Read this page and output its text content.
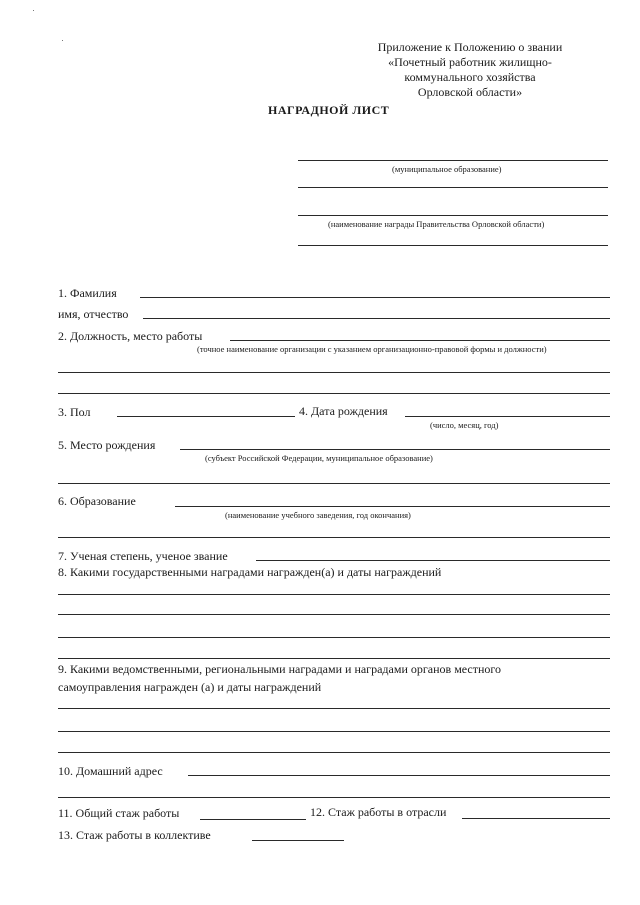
Приложение к Положению о звании
«Почетный работник жилищно-
коммунального хозяйства
Орловской области»
НАГРАДНОЙ ЛИСТ
(муниципальное образование)
(наименование награды Правительства Орловской области)
1. Фамилия
имя, отчество
2. Должность, место работы
(точное наименование организации с указанием организационно-правовой формы и должности)
3. Пол	4. Дата рождения
(число, месяц, год)
5. Место рождения
(субъект Российской Федерации, муниципальное образование)
6. Образование
(наименование учебного заведения, год окончания)
7. Ученая степень, ученое звание
8. Какими государственными наградами награжден(а) и даты награждений
9. Какими ведомственными, региональными наградами и наградами органов местного
самоуправления награжден (а) и даты награждений
10. Домашний адрес
11. Общий стаж работы	12. Стаж работы в отрасли
13. Стаж работы в коллективе
